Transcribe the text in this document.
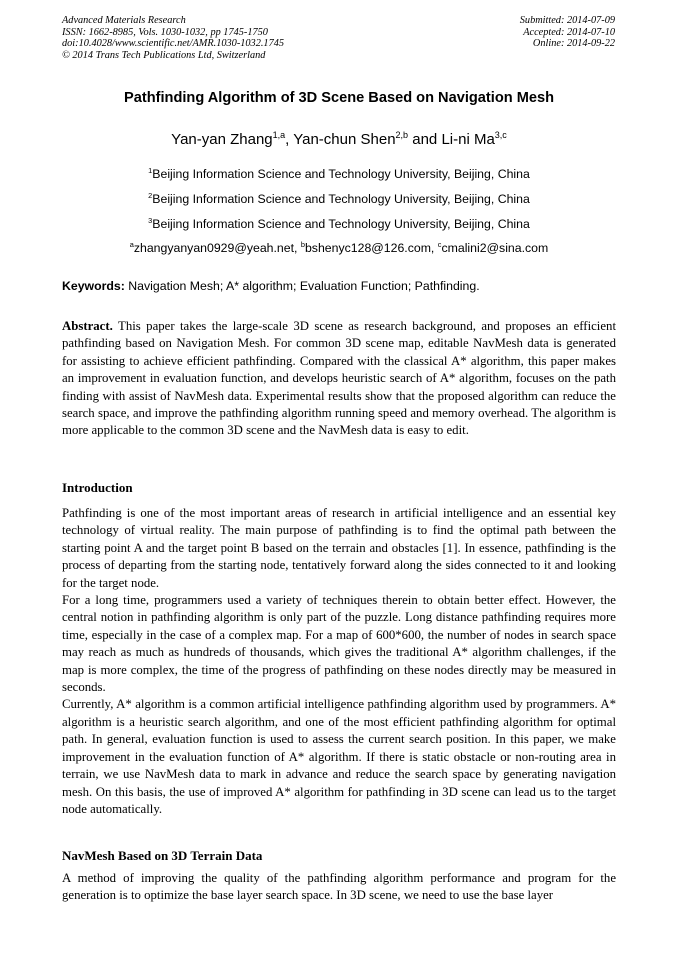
Advanced Materials Research
ISSN: 1662-8985, Vols. 1030-1032, pp 1745-1750
doi:10.4028/www.scientific.net/AMR.1030-1032.1745
© 2014 Trans Tech Publications Ltd, Switzerland
Submitted: 2014-07-09
Accepted: 2014-07-10
Online: 2014-09-22
Pathfinding Algorithm of 3D Scene Based on Navigation Mesh
Yan-yan Zhang$^{1,a}$, Yan-chun Shen$^{2,b}$ and Li-ni Ma$^{3,c}$
$^1$Beijing Information Science and Technology University, Beijing, China
$^2$Beijing Information Science and Technology University, Beijing, China
$^3$Beijing Information Science and Technology University, Beijing, China
$^a$zhangyanyan0929@yeah.net, $^b$bshenyc128@126.com, $^c$cmalini2@sina.com
Keywords: Navigation Mesh; A* algorithm; Evaluation Function; Pathfinding.

Abstract. This paper takes the large-scale 3D scene as research background, and proposes an efficient pathfinding based on Navigation Mesh. For common 3D scene map, editable NavMesh data is generated for assisting to achieve efficient pathfinding. Compared with the classical A* algorithm, this paper makes an improvement in evaluation function, and develops heuristic search of A* algorithm, focuses on the path finding with assist of NavMesh data. Experimental results show that the proposed algorithm can reduce the search space, and improve the pathfinding algorithm running speed and memory overhead. The algorithm is more applicable to the common 3D scene and the NavMesh data is easy to edit.

Introduction

Pathfinding is one of the most important areas of research in artificial intelligence and an essential key technology of virtual reality. The main purpose of pathfinding is to find the optimal path between the starting point A and the target point B based on the terrain and obstacles [1]. In essence, pathfinding is the process of departing from the starting node, tentatively forward along the sides connected to it and looking for the target node.

For a long time, programmers used a variety of techniques therein to obtain better effect. However, the central notion in pathfinding algorithm is only part of the puzzle. Long distance pathfinding requires more time, especially in the case of a complex map. For a map of 600*600, the number of nodes in search space may reach as much as hundreds of thousands, which gives the traditional A* algorithm challenges, if the map is more complex, the time of the progress of pathfinding on these nodes directly may be measured in seconds.

Currently, A* algorithm is a common artificial intelligence pathfinding algorithm used by programmers. A* algorithm is a heuristic search algorithm, and one of the most efficient pathfinding algorithm for optimal path. In general, evaluation function is used to assess the current search position. In this paper, we make improvement in the evaluation function of A* algorithm. If there is static obstacle or non-routing area in terrain, we use NavMesh data to mark in advance and reduce the search space by generating navigation mesh. On this basis, the use of improved A* algorithm for pathfinding in 3D scene can lead us to the target node automatically.

NavMesh Based on 3D Terrain Data

A method of improving the quality of the pathfinding algorithm performance and program for the generation is to optimize the base layer search space. In 3D scene, we need to use the base layer
